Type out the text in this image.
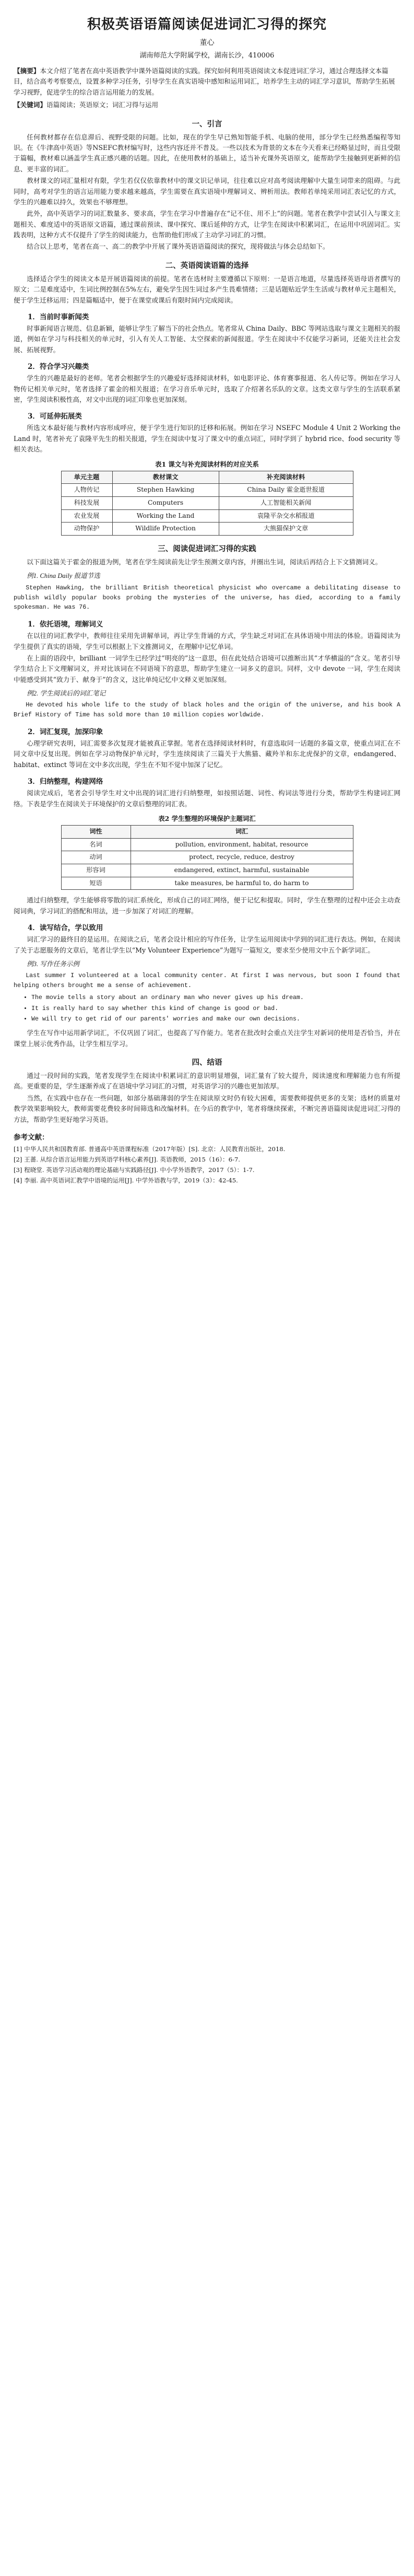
积极英语语篇阅读促进词汇习得的探究
董心
湖南师范大学附属学校，湖南长沙，410006
【摘要】本文介绍了笔者在高中英语教学中课外语篇阅读的实践。探究如何利用英语阅读文本促进词汇学习，通过合理选择文本篇目，结合高考考察要点，设置多种学习任务，引导学生在真实语境中感知和运用词汇，培养学生主动的词汇学习意识，帮助学生拓展学习视野，促进学生的综合语言运用能力的发展。
【关键词】语篇阅读；英语原文；词汇习得与运用
一、引言

任何教材都存在信息滞后、视野受限的问题。比如，现在的学生早已熟知智能手机、电脑的使用，部分学生已经熟悉编程等知识。在《牛津高中英语》等NSEFC教材编写时，这些内容还并不普及。一些以技术为背景的文本在今天看来已经略显过时，而且受限于篇幅，教材难以涵盖学生真正感兴趣的话题。因此，在使用教材的基础上，适当补充课外英语原文，能帮助学生接触到更新鲜的信息、更丰富的词汇。

教材课文的词汇量相对有限，学生若仅仅依靠教材中的课文识记单词，往往难以应对高考阅读理解中大量生词带来的阻碍。与此同时，高考对学生的语言运用能力要求越来越高，学生需要在真实语境中理解词义、辨析用法。教师若单纯采用词汇表记忆的方式，学生的兴趣难以持久，效果也不够理想。

此外，高中英语学习的词汇数量多、要求高，学生在学习中普遍存在“记不住、用不上”的问题。笔者在教学中尝试引入与课文主题相关、难度适中的英语原文语篇，通过课前预读、课中探究、课后延伸的方式，让学生在阅读中积累词汇，在运用中巩固词汇。实践表明，这种方式不仅提升了学生的阅读能力，也帮助他们形成了主动学习词汇的习惯。

结合以上思考，笔者在高一、高二的教学中开展了课外英语语篇阅读的探究，现将做法与体会总结如下。

二、英语阅读语篇的选择

选择适合学生的阅读文本是开展语篇阅读的前提。笔者在选材时主要遵循以下原则：一是语言地道，尽量选择英语母语者撰写的原文；二是难度适中，生词比例控制在5%左右，避免学生因生词过多产生畏难情绪；三是话题贴近学生生活或与教材单元主题相关，便于学生迁移运用；四是篇幅适中，便于在课堂或课后有限时间内完成阅读。

1．当前时事新闻类

时事新闻语言规范、信息新颖，能够让学生了解当下的社会热点。笔者常从 China Daily、BBC 等网站选取与课文主题相关的报道，例如在学习与科技相关的单元时，引入有关人工智能、太空探索的新闻报道。学生在阅读中不仅能学习新词，还能关注社会发展、拓展视野。

2．符合学习兴趣类

学生的兴趣是最好的老师。笔者会根据学生的兴趣爱好选择阅读材料，如电影评论、体育赛事报道、名人传记等。例如在学习人物传记相关单元时，笔者选择了霍金的相关报道；在学习音乐单元时，选取了介绍著名乐队的文章。这类文章与学生的生活联系紧密，学生阅读积极性高，对文中出现的词汇印象也更加深刻。

3．可延伸拓展类

所选文本最好能与教材内容形成呼应，便于学生进行知识的迁移和拓展。例如在学习 NSEFC Module 4 Unit 2 Working the Land 时，笔者补充了袁隆平先生的相关报道，学生在阅读中复习了课文中的重点词汇，同时学到了 hybrid rice、food security 等相关表达。

表1 课文与补充阅读材料的对应关系
单元主题	教材课文	补充阅读材料
人物传记	Stephen Hawking	China Daily 霍金逝世报道
科技发展	Computers	人工智能相关新闻
农业发展	Working the Land	袁隆平杂交水稻报道
动物保护	Wildlife Protection	大熊猫保护文章
三、阅读促进词汇习得的实践

以下面这篇关于霍金的报道为例，笔者在学生阅读前先让学生预测文章内容，并圈出生词，阅读后再结合上下文猜测词义。

例1. China Daily 报道节选

Stephen Hawking, the brilliant British theoretical physicist who overcame a debilitating disease to publish wildly popular books probing the mysteries of the universe, has died, according to a family spokesman. He was 76.

1．依托语境，理解词义

在以往的词汇教学中，教师往往采用先讲解单词，再让学生背诵的方式，学生缺乏对词汇在具体语境中用法的体验。语篇阅读为学生提供了真实的语境，学生可以根据上下文推测词义，在理解中记忆单词。

在上面的语段中，brilliant 一词学生已经学过“明亮的”这一意思，但在此处结合语境可以推断出其“才华横溢的”含义。笔者引导学生结合上下文理解词义，并对比该词在不同语境下的意思，帮助学生建立一词多义的意识。同样，文中 devote 一词，学生在阅读中能感受到其“致力于、献身于”的含义，这比单纯记忆中文释义更加深刻。

例2. 学生阅读后的词汇笔记

He devoted his whole life to the study of black holes and the origin of the universe, and his book A Brief History of Time has sold more than 10 million copies worldwide.

2．词汇复现，加深印象

心理学研究表明，词汇需要多次复现才能被真正掌握。笔者在选择阅读材料时，有意选取同一话题的多篇文章，使重点词汇在不同文章中反复出现。例如在学习动物保护单元时，学生连续阅读了三篇关于大熊猫、藏羚羊和东北虎保护的文章，endangered、habitat、extinct 等词在文中多次出现，学生在不知不觉中加深了记忆。

3．归纳整理，构建网络

阅读完成后，笔者会引导学生对文中出现的词汇进行归纳整理，如按照话题、词性、构词法等进行分类，帮助学生构建词汇网络。下表是学生在阅读关于环境保护的文章后整理的词汇表。

表2 学生整理的环境保护主题词汇
词性	词汇
名词	pollution, environment, habitat, resource
动词	protect, recycle, reduce, destroy
形容词	endangered, extinct, harmful, sustainable
短语	take measures, be harmful to, do harm to

通过归纳整理，学生能够将零散的词汇系统化，形成自己的词汇网络，便于记忆和提取。同时，学生在整理的过程中还会主动查阅词典，学习词汇的搭配和用法，进一步加深了对词汇的理解。

4．读写结合，学以致用

词汇学习的最终目的是运用。在阅读之后，笔者会设计相应的写作任务，让学生运用阅读中学到的词汇进行表达。例如，在阅读了关于志愿服务的文章后，笔者让学生以“My Volunteer Experience”为题写一篇短文，要求至少使用文中五个新学词汇。

例3. 写作任务示例

Last summer I volunteered at a local community center. At first I was nervous, but soon I found that helping others brought me a sense of achievement.

• The movie tells a story about an ordinary man who never gives up his dream.
• It is really hard to say whether this kind of change is good or bad.
• We will try to get rid of our parents' worries and make our own decisions.

学生在写作中运用新学词汇，不仅巩固了词汇，也提高了写作能力。笔者在批改时会重点关注学生对新词的使用是否恰当，并在课堂上展示优秀作品，让学生相互学习。

四、结语

通过一段时间的实践，笔者发现学生在阅读中积累词汇的意识明显增强，词汇量有了较大提升，阅读速度和理解能力也有所提高。更重要的是，学生逐渐养成了在语境中学习词汇的习惯，对英语学习的兴趣也更加浓厚。

当然，在实践中也存在一些问题，如部分基础薄弱的学生在阅读原文时仍有较大困难，需要教师提供更多的支架；选材的质量对教学效果影响较大，教师需要花费较多时间筛选和改编材料。在今后的教学中，笔者将继续探索，不断完善语篇阅读促进词汇习得的方法，帮助学生更好地学习英语。

参考文献：
[1] 中华人民共和国教育部. 普通高中英语课程标准（2017年版）[S]. 北京：人民教育出版社，2018.
[2] 王蔷. 从综合语言运用能力到英语学科核心素养[J]. 英语教师，2015（16）：6-7.
[3] 程晓堂. 英语学习活动观的理论基础与实践路径[J]. 中小学外语教学，2017（5）：1-7.
[4] 李丽. 高中英语词汇教学中语境的运用[J]. 中学外语教与学，2019（3）：42-45.
